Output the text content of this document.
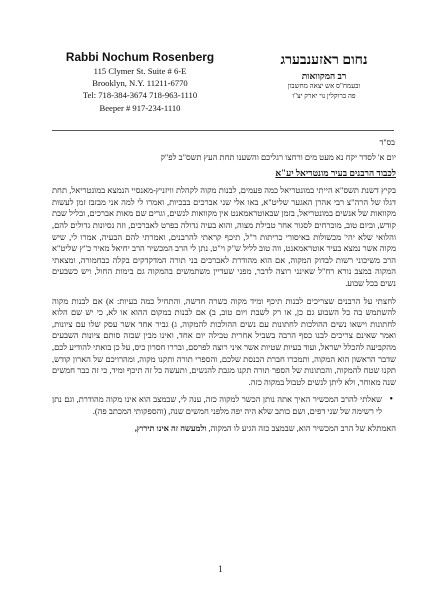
Rabbi Nochum Rosenberg
115 Clymer St. Suite # 6-E
Brooklyn, N.Y. 11211-6770
Tel: 718-384-3674 718-963-1110
Beeper # 917-234-1110
נחום ראזענבערג
רב המקוואות
ובעמח"ס אש יצאה מחשבון
פה ברוקלין נוי יארק יצ"ו
בס"ד

יום א' לסדר יקח נא מעט מים ורחצו רגליכם והשענו תחת העץ תשס"ב לפ"ק

לכבוד הרבנים בעיר מונטריאל יע"א

בקיץ דשנת תשס"א הייתי במונטריאל כמה פעמים, לבנות מקוה לקהלת וויזניץ-מאנסיי הנמצא במונטריאל, תחת דגלו של הרה"צ רבי אהרן האגער שליט"א, באו אלי שני אברכים בבכיות, ואמרו לי למה אני מבזבז זמן לעשות מקוואות של אנשים במונטריאל, בזמן שבאוטראמאנט אין מקוואות לנשים, וגרים שם מאות אברכים, ובליל שבת קודש, וביום טוב, מוכרחים לסגור אחר טבילת מצוה, והוא בעיה גדולה בפרט לאברכים, וזה נסיונות גדולים להם, והלואי שלא יהי' מכשולות באיסורי כריתות ר"ל, תיכף קראתי להרבנים, ואמרתי להם הבעיה, אמרו לי, שיש מקוה אשר נמצא בעיר אוטראמאנט, ווה טוב לליל ש"ק וי"ט, נתן לי הרב המכשיר הרב יחיאל מאיר כ"ץ שליט"א הרב משיכוני רשות לבדוק המקוה, אם הוא מהודרת לאברכים בני תורה המדקדקים בקלה כבחמורה, ומצאתי המקוה במצב נורא רח"ל שאינני רוצה לדבר, מפני שעדיין משתמשים בהמקוה גם בימות החול, ויש כשבעים נשים בכל שבוע.

לחצתי על הרבנים שצריכים לבנות תיכף ומיד מקוה כשרה חדשה, והתחיל כמה בעיות: א) אם לבנות מקוה להשתמש בה כל השבוע גם כן, או רק לשבת ויום טוב, ב) אם לבנות במקום ההוא או לא, כי יש שם הלוא לחתונות וישאו נשים ההולכות לחתונות עם נשים ההולכות להמקוה, ג) גביר אחד אשר עסק שלו עם ציונות, ואמר שאינם צריכים לבנו כסף הרבה בשביל אחרית טבילה יום אחד, ואינו מבין שבזה סותם ציונות השבעים מהקביעה להכלל ישראל, ועוד בעיות שטיות אשר איני רוצה לפרסם, ובררו חסרון כיס, על כן בואתי להודיע לכם, שדבר הראשון הוא המקוה, ותמכרו חברת הכנסת שלכם, והספרי תורה ותקנו מקוה, ומהרויכם של הארון קודש, תקנו שטח להמקוה, והכתונות של הספר תורה תקנו מגבת להנשים, ותעשה כל זה תיכף ומיד, כי זה כבר חמשים שנה מאוחר, ולא ליתן לנשים לטבול במקוה כזה.

• שאלתי להרב המכשיר האיך אתה נותן הכשר למקוה כזה, ענה לי, שבמצב הוא אינו מקוה מהודרת, וגם נתן לי רשימה של שני דפים, ושם כותב שלא היה יפה מלפני חמשים שנה, (והספקותי המכתב פה).

האמתלא של הרב המכשיר הוא, שבמצב כזה הגיע לו המקוה, ולמעשה זה אינו תירוץ,

1
